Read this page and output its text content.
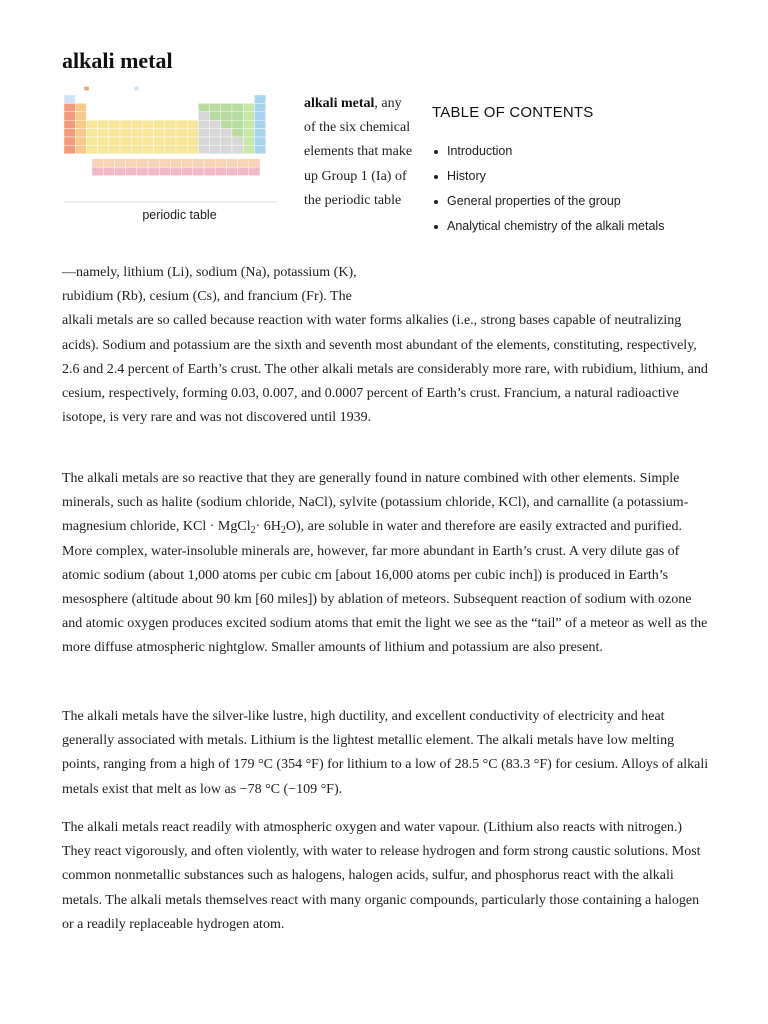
alkali metal
periodic table
alkali metal, any of the six chemical elements that make up Group 1 (Ia) of the periodic table
TABLE OF CONTENTS
Introduction
History
General properties of the group
Analytical chemistry of the alkali metals
—namely, lithium (Li), sodium (Na), potassium (K),
rubidium (Rb), cesium (Cs), and francium (Fr). The
alkali metals are so called because reaction with water forms alkalies (i.e., strong bases capable of neutralizing acids). Sodium and potassium are the sixth and seventh most abundant of the elements, constituting, respectively, 2.6 and 2.4 percent of Earth’s crust. The other alkali metals are considerably more rare, with rubidium, lithium, and cesium, respectively, forming 0.03, 0.007, and 0.0007 percent of Earth’s crust. Francium, a natural radioactive isotope, is very rare and was not discovered until 1939.

The alkali metals are so reactive that they are generally found in nature combined with other elements. Simple minerals, such as halite (sodium chloride, NaCl), sylvite (potassium chloride, KCl), and carnallite (a potassium-magnesium chloride, KCl · MgCl$_2$· $6H_2O$), are soluble in water and therefore are easily extracted and purified. More complex, water-insoluble minerals are, however, far more abundant in Earth’s crust. A very dilute gas of atomic sodium (about 1,000 atoms per cubic cm [about 16,000 atoms per cubic inch]) is produced in Earth’s mesosphere (altitude about 90 km [60 miles]) by ablation of meteors. Subsequent reaction of sodium with ozone and atomic oxygen produces excited sodium atoms that emit the light we see as the “tail” of a meteor as well as the more diffuse atmospheric nightglow. Smaller amounts of lithium and potassium are also present.

The alkali metals have the silver-like lustre, high ductility, and excellent conductivity of electricity and heat generally associated with metals. Lithium is the lightest metallic element. The alkali metals have low melting points, ranging from a high of 179 °C (354 °F) for lithium to a low of 28.5 °C (83.3 °F) for cesium. Alloys of alkali metals exist that melt as low as −78 °C (−109 °F).

The alkali metals react readily with atmospheric oxygen and water vapour. (Lithium also reacts with nitrogen.) They react vigorously, and often violently, with water to release hydrogen and form strong caustic solutions. Most common nonmetallic substances such as halogens, halogen acids, sulfur, and phosphorus react with the alkali metals. The alkali metals themselves react with many organic compounds, particularly those containing a halogen or a readily replaceable hydrogen atom.
